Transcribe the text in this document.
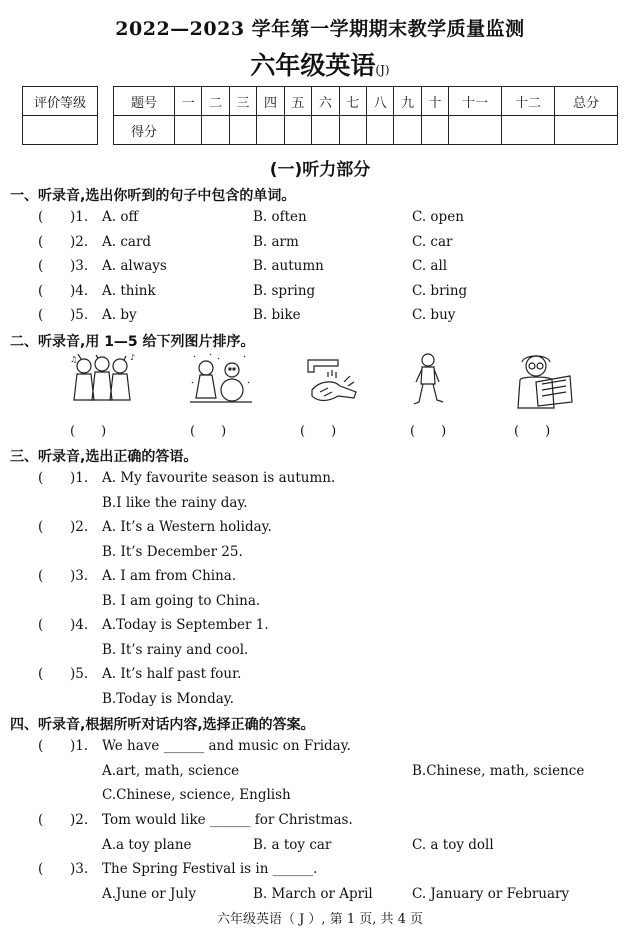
2022—2023 学年第一学期期末教学质量监测
六年级英语(J)
评价等级	题号	一	二	三	四	五	六	七	八	九	十	十一	十二	总分
得分													
(一)听力部分
一、听录音,选出你听到的句子中包含的单词。
( )1. A. off	B. often	C. open
( )2. A. card	B. arm	C. car
( )3. A. always	B. autumn	C. all
( )4. A. think	B. spring	C. bring
( )5. A. by	B. bike	C. buy
二、听录音,用 1—5 给下列图片排序。
♪
♫
(　　)	(　　)	(　　)	(　　)	(　　)
三、听录音,选出正确的答语。
( )1. A. My favourite season is autumn.
B.I like the rainy day.
( )2. A. It’s a Western holiday.
B. It’s December 25.
( )3. A. I am from China.
B. I am going to China.
( )4. A.Today is September 1.
B. It’s rainy and cool.
( )5. A. It’s half past four.
B.Today is Monday.
四、听录音,根据所听对话内容,选择正确的答案。
( )1. We have ______ and music on Friday.
A.art, math, science	B.Chinese, math, science
C.Chinese, science, English
( )2. Tom would like ______ for Christmas.
A.a toy plane	B. a toy car	C. a toy doll
( )3. The Spring Festival is in ______.
A.June or July	B. March or April	C. January or February
六年级英语（ J ）, 第 1 页, 共 4 页
